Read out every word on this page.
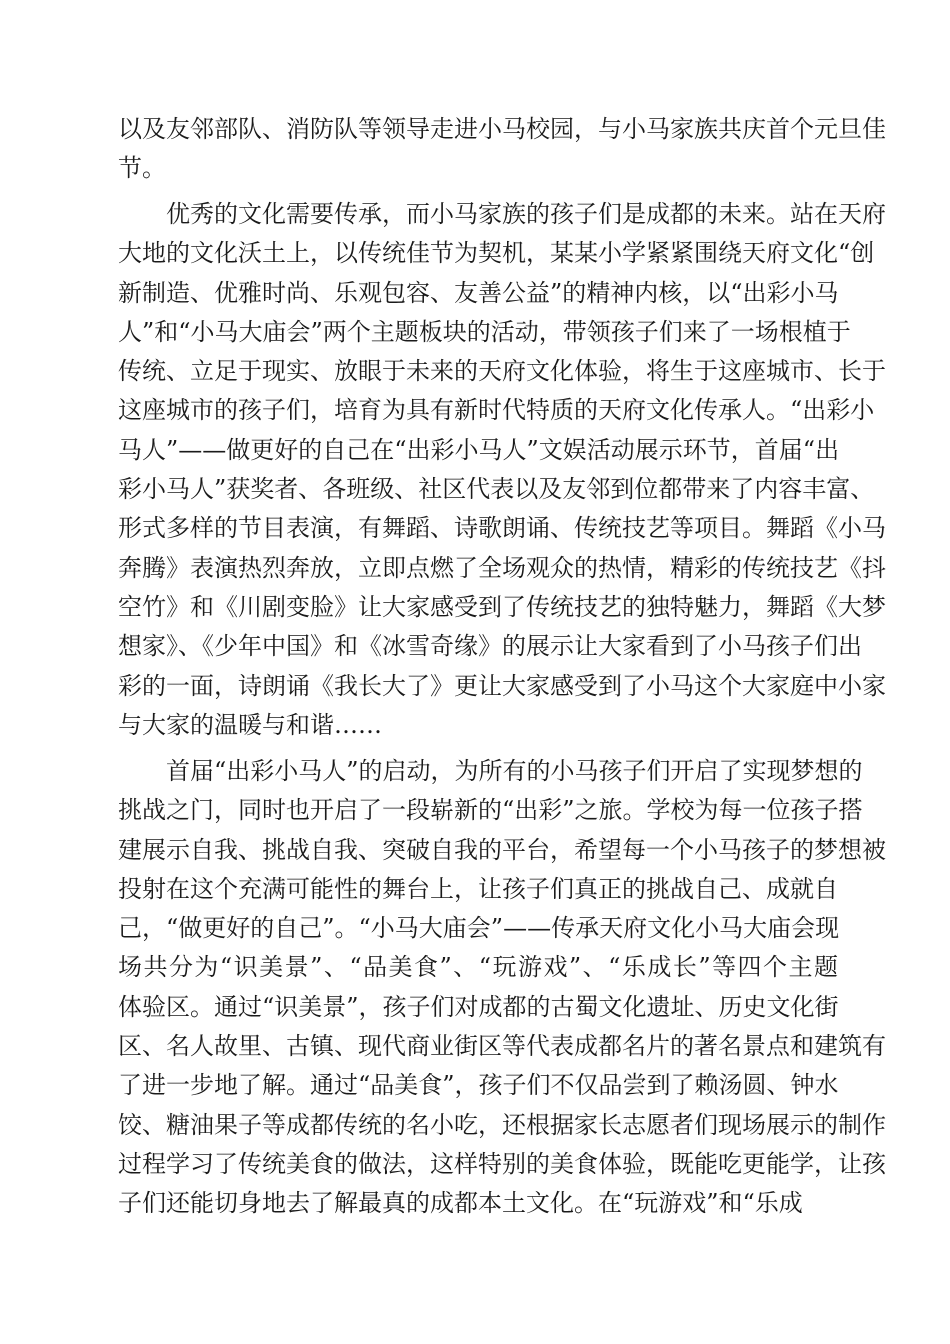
以及友邻部队、消防队等领导走进小马校园，与小马家族共庆首个元旦佳
节。
优秀的文化需要传承，而小马家族的孩子们是成都的未来。站在天府
大地的文化沃土上，以传统佳节为契机，某某小学紧紧围绕天府文化“创
新制造、优雅时尚、乐观包容、友善公益”的精神内核，以“出彩小马
人”和“小马大庙会”两个主题板块的活动，带领孩子们来了一场根植于
传统、立足于现实、放眼于未来的天府文化体验，将生于这座城市、长于
这座城市的孩子们，培育为具有新时代特质的天府文化传承人。“出彩小
马人”——做更好的自己在“出彩小马人”文娱活动展示环节，首届“出
彩小马人”获奖者、各班级、社区代表以及友邻到位都带来了内容丰富、
形式多样的节目表演，有舞蹈、诗歌朗诵、传统技艺等项目。舞蹈《小马
奔腾》表演热烈奔放，立即点燃了全场观众的热情，精彩的传统技艺《抖
空竹》和《川剧变脸》让大家感受到了传统技艺的独特魅力，舞蹈《大梦
想家》、《少年中国》和《冰雪奇缘》的展示让大家看到了小马孩子们出
彩的一面，诗朗诵《我长大了》更让大家感受到了小马这个大家庭中小家
与大家的温暖与和谐……
首届“出彩小马人”的启动，为所有的小马孩子们开启了实现梦想的
挑战之门，同时也开启了一段崭新的“出彩”之旅。学校为每一位孩子搭
建展示自我、挑战自我、突破自我的平台，希望每一个小马孩子的梦想被
投射在这个充满可能性的舞台上，让孩子们真正的挑战自己、成就自
己，“做更好的自己”。“小马大庙会”——传承天府文化小马大庙会现
场共分为“识美景”、“品美食”、“玩游戏”、“乐成长”等四个主题
体验区。通过“识美景”，孩子们对成都的古蜀文化遗址、历史文化街
区、名人故里、古镇、现代商业街区等代表成都名片的著名景点和建筑有
了进一步地了解。通过“品美食”，孩子们不仅品尝到了赖汤圆、钟水
饺、糖油果子等成都传统的名小吃，还根据家长志愿者们现场展示的制作
过程学习了传统美食的做法，这样特别的美食体验，既能吃更能学，让孩
子们还能切身地去了解最真的成都本土文化。在“玩游戏”和“乐成
